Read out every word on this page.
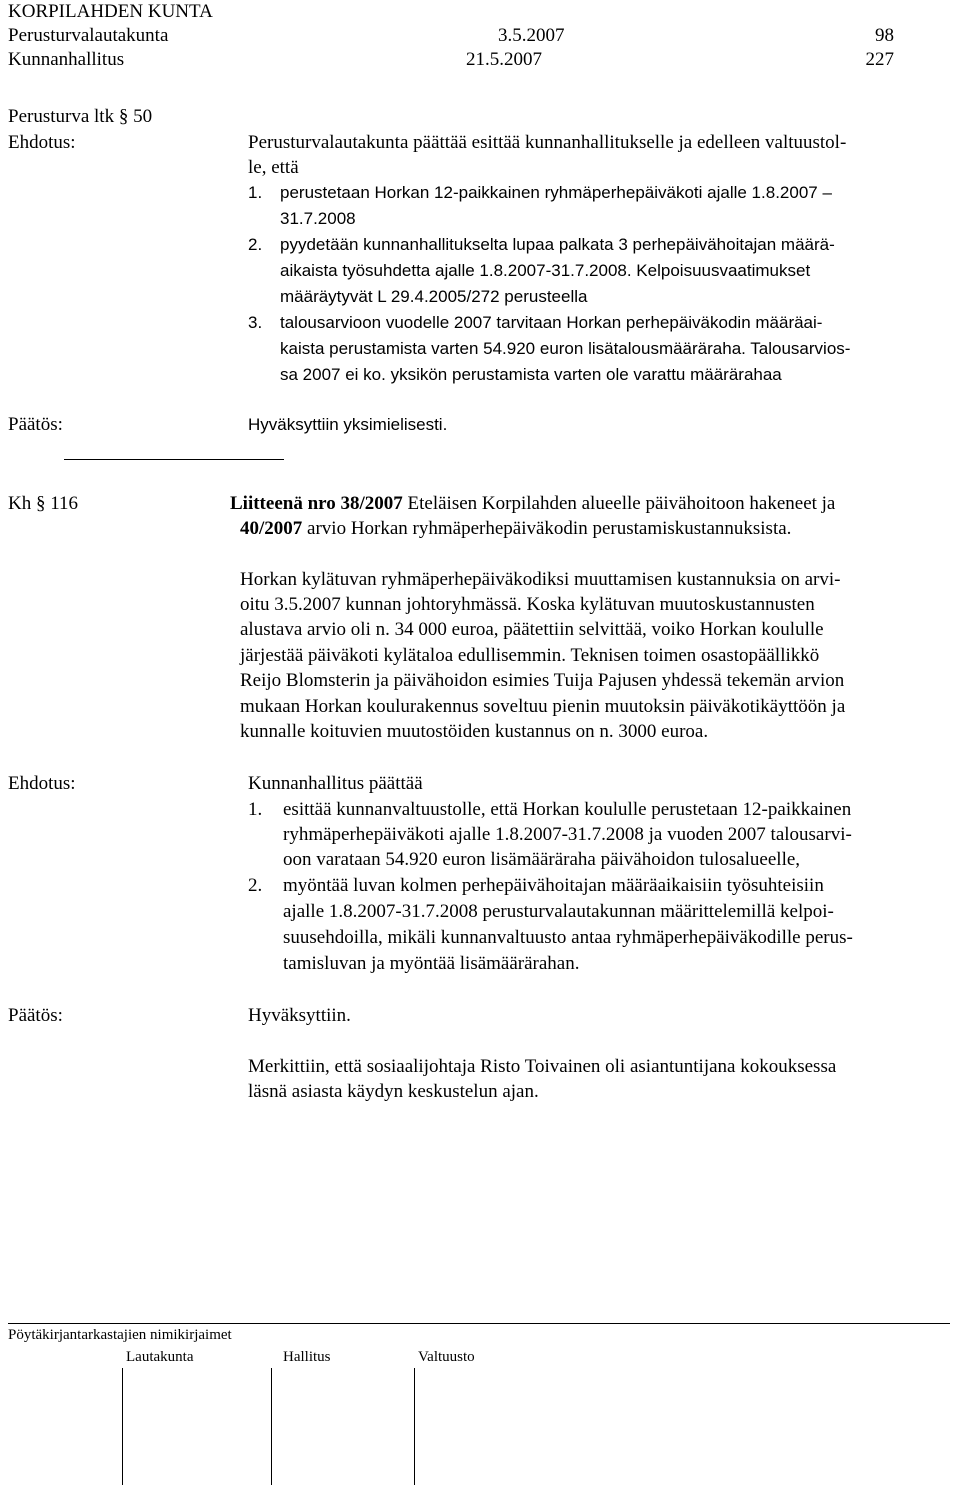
KORPILAHDEN KUNTA
Perusturvalautakunta	3.5.2007	98
Kunnanhallitus	21.5.2007	227
Perusturva ltk § 50
Ehdotus:	Perusturvalautakunta päättää esittää kunnanhallitukselle ja edelleen valtuustol-
le, että
1. perustetaan Horkan 12-paikkainen ryhmäperhepäiväkoti ajalle 1.8.2007 –
31.7.2008
2. pyydetään kunnanhallitukselta lupaa palkata 3 perhepäivähoitajan määrä-
aikaista työsuhdetta ajalle 1.8.2007-31.7.2008. Kelpoisuusvaatimukset
määräytyvät L 29.4.2005/272 perusteella
3. talousarvioon vuodelle 2007 tarvitaan Horkan perhepäiväkodin määräai-
kaista perustamista varten 54.920 euron lisätalousmääräraha. Talousarvios-
sa 2007 ei ko. yksikön perustamista varten ole varattu määrärahaa
Päätös:	Hyväksyttiin yksimielisesti.
Kh § 116	Liitteenä nro 38/2007 Eteläisen Korpilahden alueelle päivähoitoon hakeneet ja
40/2007 arvio Horkan ryhmäperhepäiväkodin perustamiskustannuksista.
Horkan kylätuvan ryhmäperhepäiväkodiksi muuttamisen kustannuksia on arvi-
oitu 3.5.2007 kunnan johtoryhmässä. Koska kylätuvan muutoskustannusten
alustava arvio oli n. 34 000 euroa, päätettiin selvittää, voiko Horkan koululle
järjestää päiväkoti kylätaloa edullisemmin. Teknisen toimen osastopäällikkö
Reijo Blomsterin ja päivähoidon esimies Tuija Pajusen yhdessä tekemän arvion
mukaan Horkan koulurakennus soveltuu pienin muutoksin päiväkotikäyttöön ja
kunnalle koituvien muutostöiden kustannus on n. 3000 euroa.
Ehdotus:	Kunnanhallitus päättää
1. esittää kunnanvaltuustolle, että Horkan koululle perustetaan 12-paikkainen
ryhmäperhepäiväkoti ajalle 1.8.2007-31.7.2008 ja vuoden 2007 talousarvi-
oon varataan 54.920 euron lisämääräraha päivähoidon tulosalueelle,
2. myöntää luvan kolmen perhepäivähoitajan määräaikaisiin työsuhteisiin
ajalle 1.8.2007-31.7.2008 perusturvalautakunnan määrittelemillä kelpoi-
suusehdoilla, mikäli kunnanvaltuusto antaa ryhmäperhepäiväkodille perus-
tamisluvan ja myöntää lisämäärärahan.
Päätös:	Hyväksyttiin.
Merkittiin, että sosiaalijohtaja Risto Toivainen oli asiantuntijana kokouksessa
läsnä asiasta käydyn keskustelun ajan.
Pöytäkirjantarkastajien nimikirjaimet
Lautakunta	Hallitus	Valtuusto
